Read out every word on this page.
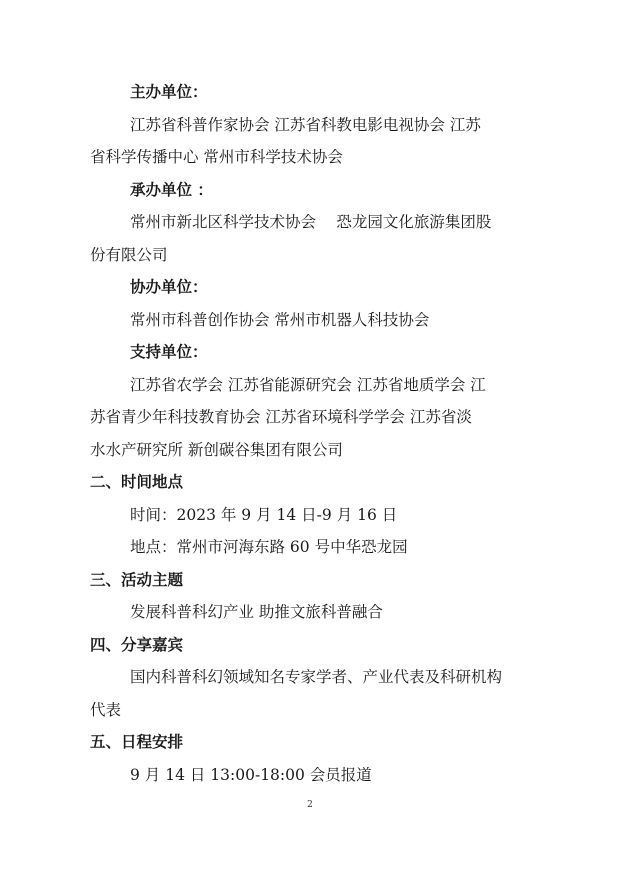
主办单位：
江苏省科普作家协会 江苏省科教电影电视协会 江苏
省科学传播中心 常州市科学技术协会
承办单位 ：
常州市新北区科学技术协会　 恐龙园文化旅游集团股
份有限公司
协办单位：
常州市科普创作协会 常州市机器人科技协会
支持单位：
江苏省农学会 江苏省能源研究会 江苏省地质学会 江
苏省青少年科技教育协会 江苏省环境科学学会 江苏省淡
水水产研究所 新创碳谷集团有限公司
二、时间地点
时间：2023 年 9 月 14 日-9 月 16 日
地点：常州市河海东路 60 号中华恐龙园
三、活动主题
发展科普科幻产业 助推文旅科普融合
四、分享嘉宾
国内科普科幻领域知名专家学者、产业代表及科研机构
代表
五、日程安排
9 月 14 日 13:00-18:00 会员报道
2
